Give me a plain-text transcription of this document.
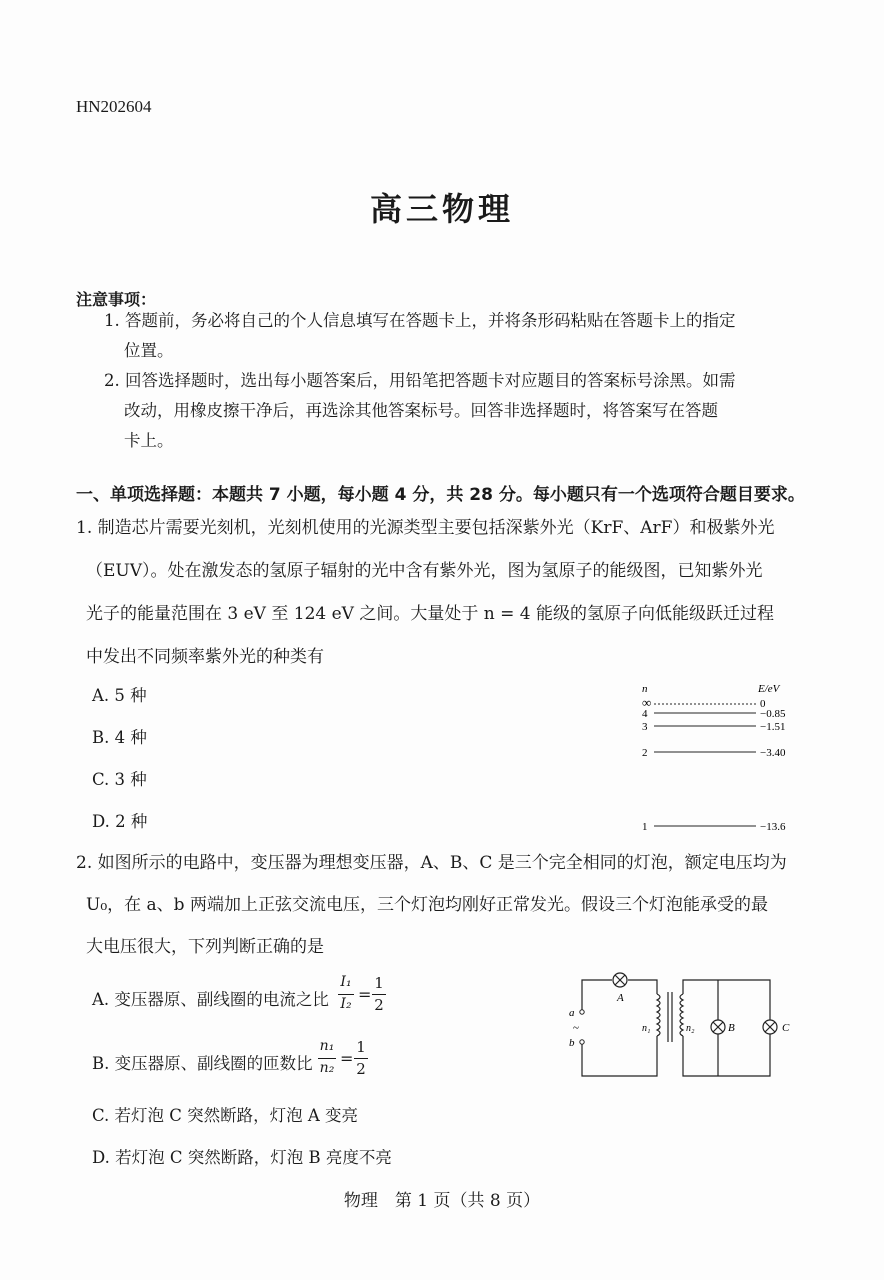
HN202604
高三物理
注意事项：
1. 答题前，务必将自己的个人信息填写在答题卡上，并将条形码粘贴在答题卡上的指定
位置。
2. 回答选择题时，选出每小题答案后，用铅笔把答题卡对应题目的答案标号涂黑。如需
改动，用橡皮擦干净后，再选涂其他答案标号。回答非选择题时，将答案写在答题
卡上。
一、单项选择题：本题共 7 小题，每小题 4 分，共 28 分。每小题只有一个选项符合题目要求。
1. 制造芯片需要光刻机，光刻机使用的光源类型主要包括深紫外光（KrF、ArF）和极紫外光
（EUV）。处在激发态的氢原子辐射的光中含有紫外光，图为氢原子的能级图，已知紫外光
光子的能量范围在 3 eV 至 124 eV 之间。大量处于 n = 4 能级的氢原子向低能级跃迁过程
中发出不同频率紫外光的种类有
A. 5 种
B. 4 种
C. 3 种
D. 2 种
n	E/eV
∞	0
4	−0.85
3	−1.51
2	−3.40
1	−13.6
2. 如图所示的电路中，变压器为理想变压器，A、B、C 是三个完全相同的灯泡，额定电压均为
U₀，在 a、b 两端加上正弦交流电压，三个灯泡均刚好正常发光。假设三个灯泡能承受的最
大电压很大，下列判断正确的是
A. 变压器原、副线圈的电流之比
I₁
I₂ =
1
2
B. 变压器原、副线圈的匝数比
n₁
n₂ =
1
2
C. 若灯泡 C 突然断路，灯泡 A 变亮
D. 若灯泡 C 突然断路，灯泡 B 亮度不亮
a
~
b
n₁	n₂
A
B	C
物理　第 1 页（共 8 页）
